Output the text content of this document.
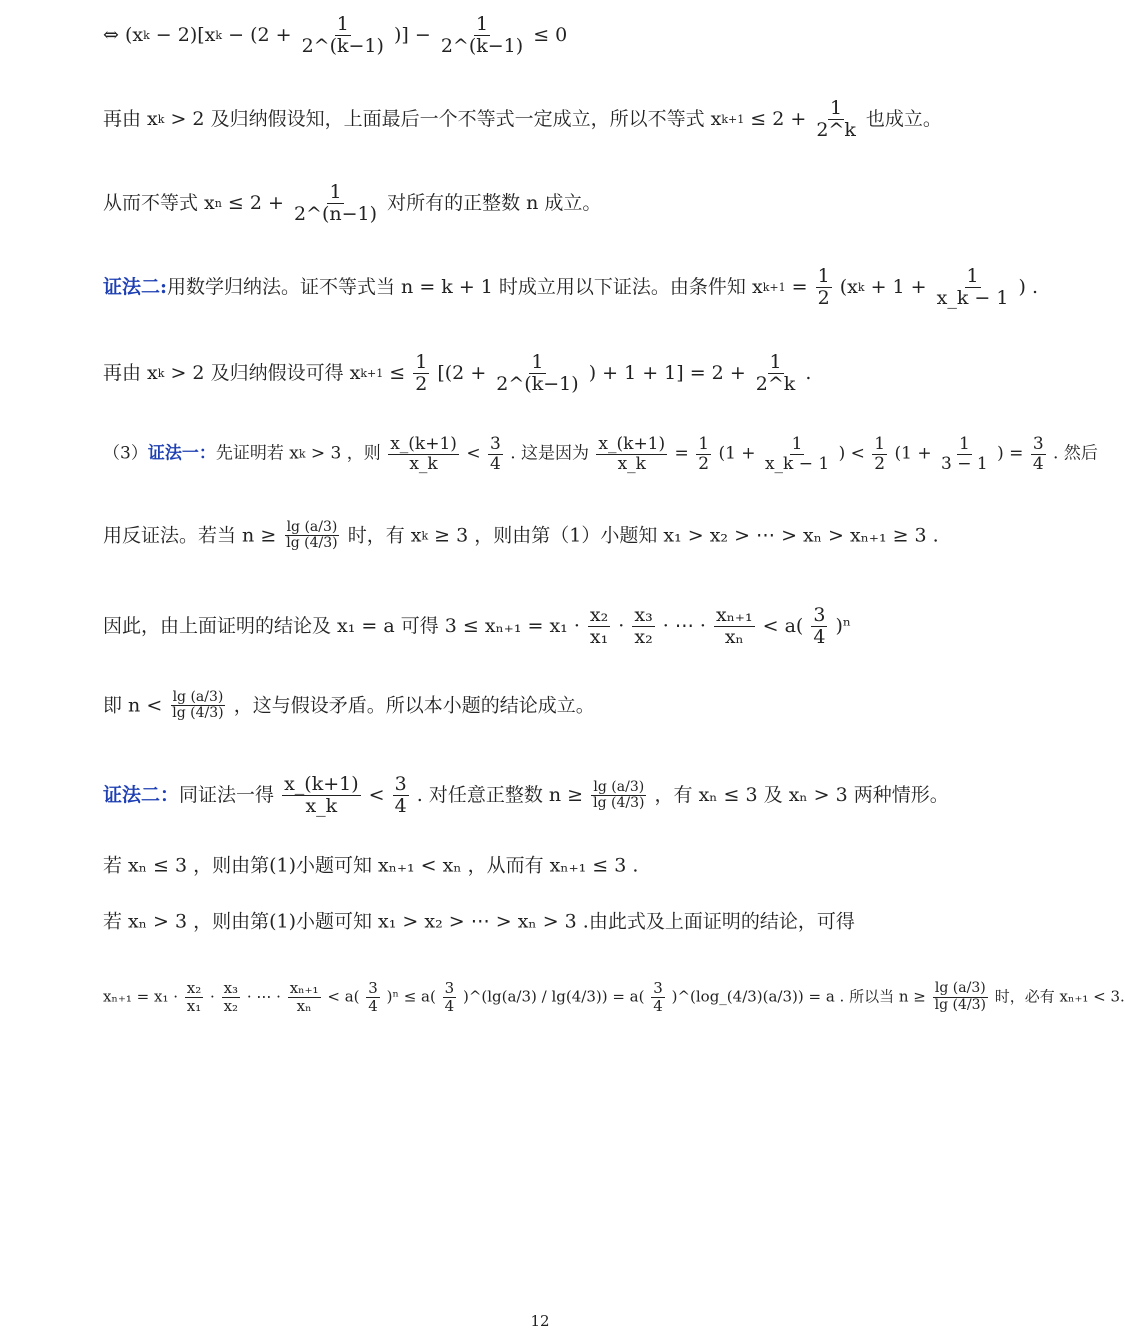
⇔ $(xk - 2)[xk - (2 + \frac{1}{2\^{}(k-1)}$ )] − $\frac{1}{2\^{}(k-1)} \le 0$
再由 xk > 2 及归纳假设知，上面最后一个不等式一定成立，所以不等式 $xk+1 \le 2 + \frac{1}{2\^{}k}$ 也成立。
从而不等式 xn ≤ $2 + \frac{1}{2\^{}(n-1)}$ 对所有的正整数 n 成立。
证法二:用数学归纳法。证不等式当 n = k + 1 时成立用以下证法。由条件知 $xk+1 = \frac{1}{2} (xk + 1 + \frac{1}{x\_k - 1}$ ) .
再由 xk > 2 及归纳假设可得 $xk+1 \le \frac{1}{2} [(2 + \frac{1}{2\^{}(k-1)}$ ) + $1 + 1] = 2 + \frac{1}{2\^{}k}$ .
（3）证法一：先证明若 xk > 3 ，则 $\frac{x\_(k+1)}{x\_k} < \frac{3}{4}$ . 这是因为 $\frac{x\_(k+1)}{x\_k} = \frac{1}{2} (1 + \frac{1}{x\_k - 1}$ ) < $\frac{1}{2} (1 + \frac{1}{3 - 1}$ ) = $\frac{3}{4}$ . 然后
用反证法。若当 $n \ge \frac{\lg (a/3)}{\lg (4/3)}$ 时，有 xk ≥ 3 ，则由第（1）小题知 x₁ > x₂ > ⋯ > xₙ > xₙ₊₁ ≥ 3 .
因此，由上面证明的结论及 x₁ = a 可得 $3 \le x_{n+1} = x_1 \cdot \frac{\text{x₂}}{\text{x₁}} \cdot \frac{\text{x₃}}{\text{x₂}}$ · ⋯ · $\frac{\text{xₙ₊₁}}{\text{xₙ}} < a( \frac{3}{4} )^n$
即 $n < \frac{\lg (a/3)}{\lg (4/3)}$ ，这与假设矛盾。所以本小题的结论成立。
证法二：同证法一得 $\frac{x\_(k+1)}{x\_k} < \frac{3}{4}$ . 对任意正整数 $n \ge \frac{\lg (a/3)}{\lg (4/3)}$ ，有 xₙ ≤ 3 及 xₙ > 3 两种情形。
若 xₙ ≤ 3 ，则由第(1)小题可知 xₙ₊₁ < xₙ ，从而有 xₙ₊₁ ≤ 3 .
若 xₙ > 3 ，则由第(1)小题可知 x₁ > x₂ > ⋯ > xₙ > 3 .由此式及上面证明的结论，可得
$x_{n+1} = x_1 \cdot \frac{\text{x₂}}{\text{x₁}} \cdot \frac{\text{x₃}}{\text{x₂}}$ · ⋯ · $\frac{\text{xₙ₊₁}}{\text{xₙ}} < a( \frac{3}{4} )^n \le a( \frac{3}{4}$ )^(lg(a/3) / $\lg(4/3)) = a( \frac{3}{4}$ )^(log_(4/3)(a/3)) = a . 所以当 $n \ge \frac{\lg (a/3)}{\lg (4/3)}$ 时，必有 xₙ₊₁ < 3.
12
